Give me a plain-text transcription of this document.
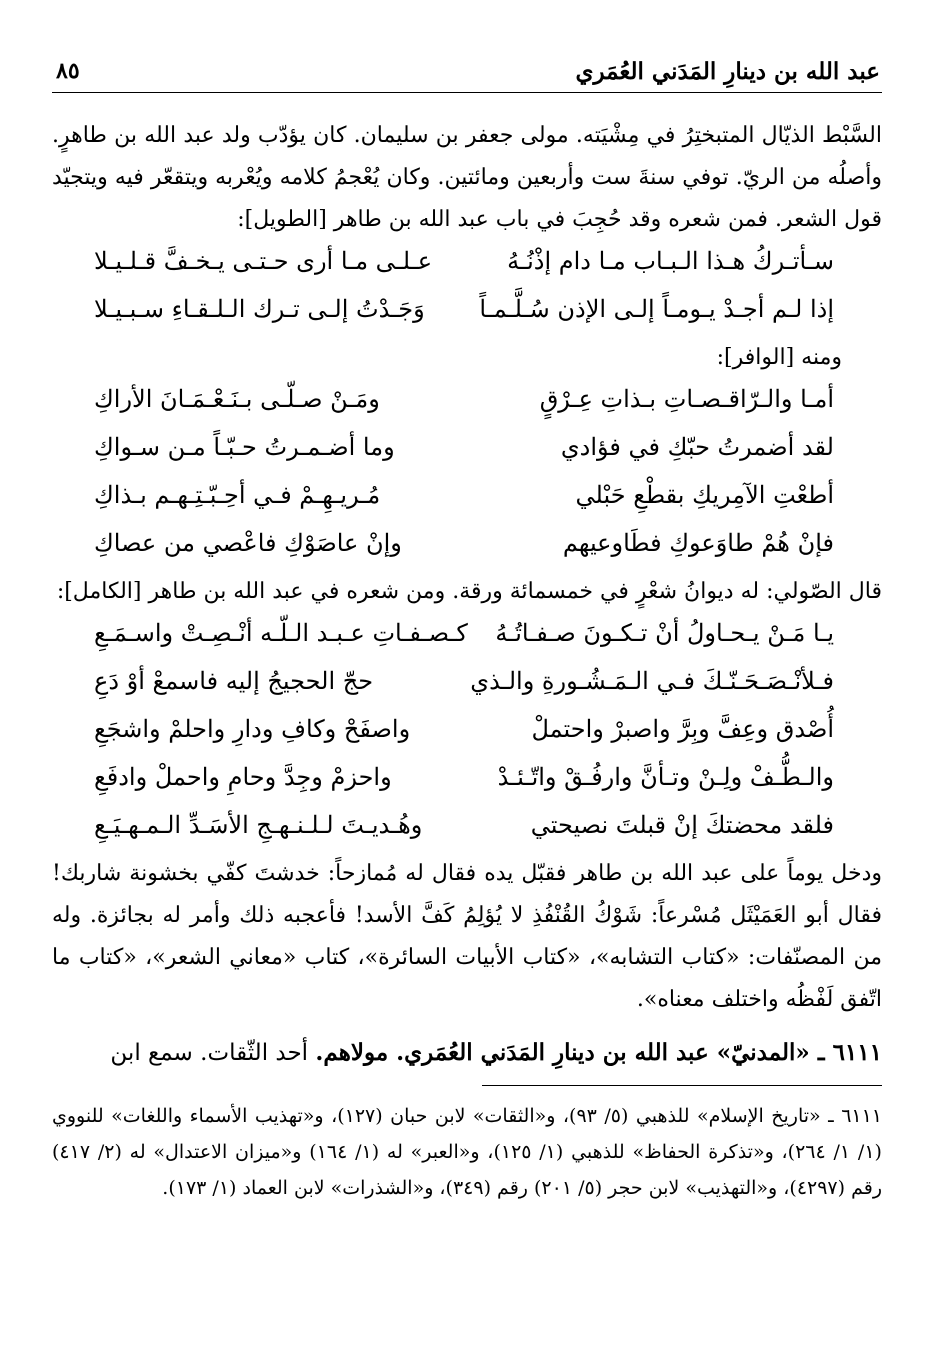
عبد الله بن دينارِ المَدَني العُمَري
٨٥

السَّبْط الذيّال المتبختِرُ في مِشْيَته. مولى جعفر بن سليمان. كان يؤدّب ولد عبد الله بن طاهرٍ. وأصلُه من الريّ. توفي سنةَ ست وأربعين ومائتين. وكان يُعْجمُ كلامه ويُعْربه ويتقعّر فيه ويتجيّد قول الشعر. فمن شعره وقد حُجِبَ في باب عبد الله بن طاهر [الطويل]:

سـأتـركُ هـذا الـبـاب مـا دام إذْنُـهُ
عـلـى مـا أرى حـتـى يـخـفَّ قـلـيـلا
إذا لـم أجـدْ يـومـاً إلـى الإذن سُـلَّـمـاً
وَجَـدْتُ إلـى تـرك الـلـقـاءِ سـبـيـلا

ومنه [الوافر]:

أمـا والـرّاقـصـاتِ بـذاتِ عِـرْقٍ
ومَـنْ صـلّـى بـنَـعْـمَـانَ الأراكِ
لقد أضمرتُ حبّكِ في فؤادي
وما أضـمـرتُ حـبّـاً مـن سـواكِ
أطعْتِ الآمِريكِ بقطْعِ حَبْلي
مُـريـهِـمْ فـي أحِـبّـتِـهـم بـذاكِ
فإنْ هُمْ طاوَعوكِ فطَاوعيهم
وإنْ عاصَوْكِ فاعْصي من عصاكِ

قال الصّولي: له ديوانُ شعْرٍ في خمسمائة ورقة. ومن شعره في عبد الله بن طاهر [الكامل]:

يـا مَـنْ يـحـاولُ أنْ تـكـونَ صـفـاتُـهُ
كـصـفـاتِ عـبـد الـلّـه أنْـصِـتْ واسـمَـعِ
فـلأنْـصَـحَـنّـكَ فـي الـمَـشُـورةِ والـذي
حجّ الحجيجُ إليه فاسمعْ أوْ دَعِ
أُصْدق وعِفَّ وبِرَّ واصبرْ واحتملْ
واصفَحْ وكافِ ودارِ واحلمْ واشجَعِ
والـطُّـفْ ولِـنْ وتـأنَّ وارفُـقْ واتّـئـدْ
واحزمْ وجِدَّ وحامِ واحملْ وادفَعِ
فلقد محضتكَ إنْ قبلتَ نصيحتي
وهُـديـتَ لـلـنـهـجِ الأسَـدِّ الـمـهـيَـعِ

ودخل يوماً على عبد الله بن طاهر فقبّل يده فقال له مُمازحاً: خدشتَ كفّي بخشونة شاربك! فقال أبو العَمَيْثَل مُسْرعاً: شَوْكُ القُنْفُذِ لا يُؤلِمُ كَفَّ الأسد! فأعجبه ذلك وأمر له بجائزة. وله من المصنّفات: «كتاب التشابه»، «كتاب الأبيات السائرة»، كتاب «معاني الشعر»، «كتاب ما اتّفق لَفْظُه واختلف معناه».

٦١١١ ـ «المدنيّ» عبد الله بن دينارِ المَدَني العُمَري. مولاهم. أحد الثّقات. سمع ابن

٦١١١ ـ «تاريخ الإسلام» للذهبي (٥/ ٩٣)، و«الثقات» لابن حبان (١٢٧)، و«تهذيب الأسماء واللغات» للنووي (١/ ١/ ٢٦٤)، و«تذكرة الحفاظ» للذهبي (١/ ١٢٥)، و«العبر» له (١/ ١٦٤) و«ميزان الاعتدال» له (٢/ ٤١٧) رقم (٤٢٩٧)، و«التهذيب» لابن حجر (٥/ ٢٠١) رقم (٣٤٩)، و«الشذرات» لابن العماد (١/ ١٧٣).
